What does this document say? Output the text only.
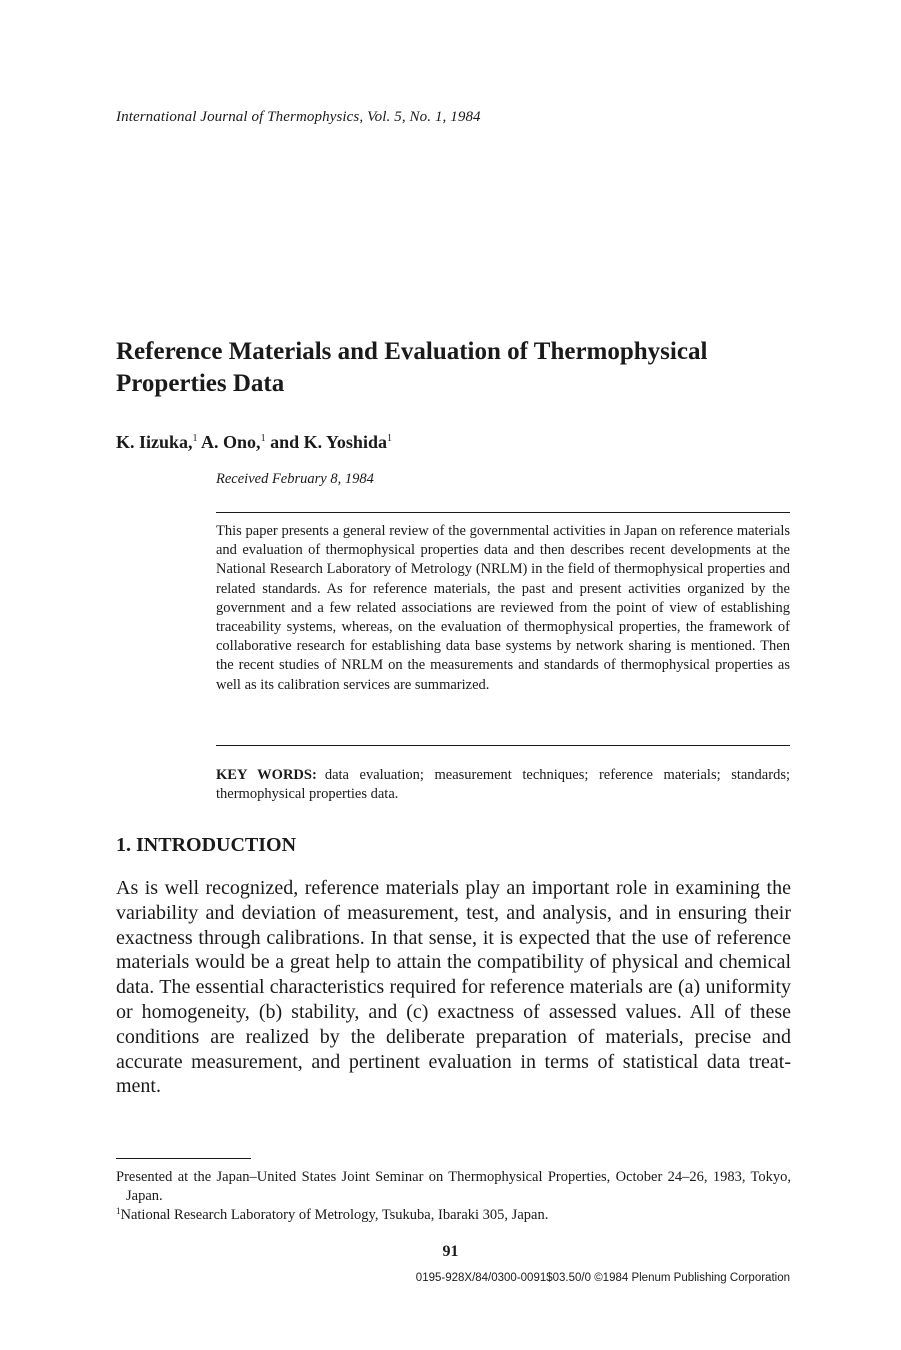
International Journal of Thermophysics, Vol. 5, No. 1, 1984
Reference Materials and Evaluation of Thermophysical Properties Data
K. Iizuka,$^1$ A. Ono,$^1$ and K. Yoshida$^1$
Received February 8, 1984

This paper presents a general review of the governmental activities in Japan on reference materials and evaluation of thermophysical properties data and then describes recent developments at the National Research Laboratory of Metrology (NRLM) in the field of thermophysical properties and related standards. As for reference materials, the past and present activities organized by the government and a few related associations are reviewed from the point of view of establishing traceability systems, whereas, on the evaluation of thermophysical properties, the framework of collaborative research for establishing data base systems by network sharing is mentioned. Then the recent studies of NRLM on the measurements and standards of thermophysical properties as well as its calibration services are summarized.

KEY WORDS: data evaluation; measurement techniques; reference materials; standards; thermophysical properties data.

1. INTRODUCTION

As is well recognized, reference materials play an important role in examining the variability and deviation of measurement, test, and analysis, and in ensuring their exactness through calibrations. In that sense, it is expected that the use of reference materials would be a great help to attain the compatibility of physical and chemical data. The essential characteristics required for reference materials are (a) uniformity or homogeneity, (b) stability, and (c) exactness of assessed values. All of these conditions are realized by the deliberate preparation of materials, precise and accurate measurement, and pertinent evaluation in terms of statistical data treatment.

Presented at the Japan–United States Joint Seminar on Thermophysical Properties, October 24–26, 1983, Tokyo, Japan.

$^1$National Research Laboratory of Metrology, Tsukuba, Ibaraki 305, Japan.

91
0195-928X/84/0300-0091$03.50/0 ©1984 Plenum Publishing Corporation
